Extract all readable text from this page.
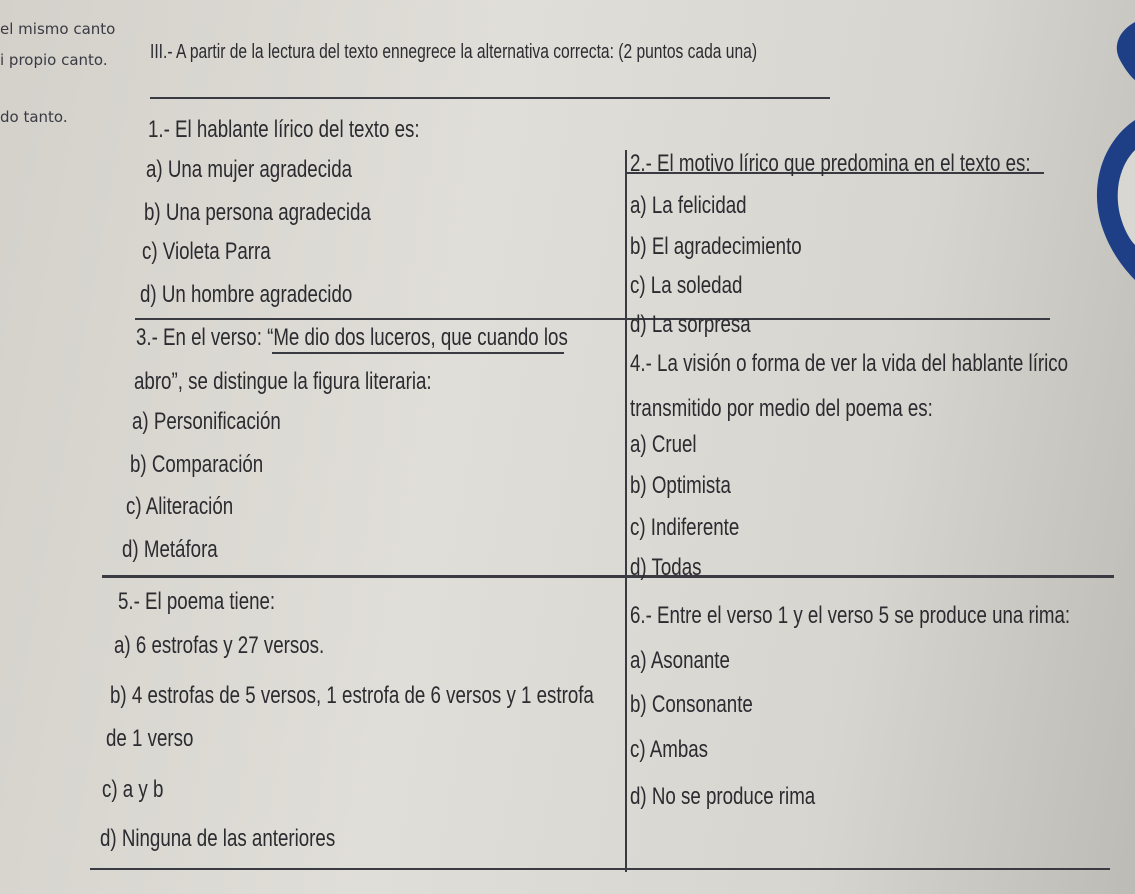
el mismo canto
i propio canto.
do tanto.
III.- A partir de la lectura del texto ennegrece la alternativa correcta: (2 puntos cada una)
1.- El hablante lírico del texto es:
a) Una mujer agradecida
b) Una persona agradecida
c) Violeta Parra
d) Un hombre agradecido
2.- El motivo lírico que predomina en el texto es:
a) La felicidad
b) El agradecimiento
c) La soledad
d) La sorpresa
3.- En el verso: “Me dio dos luceros, que cuando los
abro”, se distingue la figura literaria:
a) Personificación
b) Comparación
c) Aliteración
d) Metáfora
4.- La visión o forma de ver la vida del hablante lírico
transmitido por medio del poema es:
a) Cruel
b) Optimista
c) Indiferente
d) Todas
5.- El poema tiene:
a) 6 estrofas y 27 versos.
b) 4 estrofas de 5 versos, 1 estrofa de 6 versos y 1 estrofa
de 1 verso
c) a y b
d) Ninguna de las anteriores
6.- Entre el verso 1 y el verso 5 se produce una rima:
a) Asonante
b) Consonante
c) Ambas
d) No se produce rima
